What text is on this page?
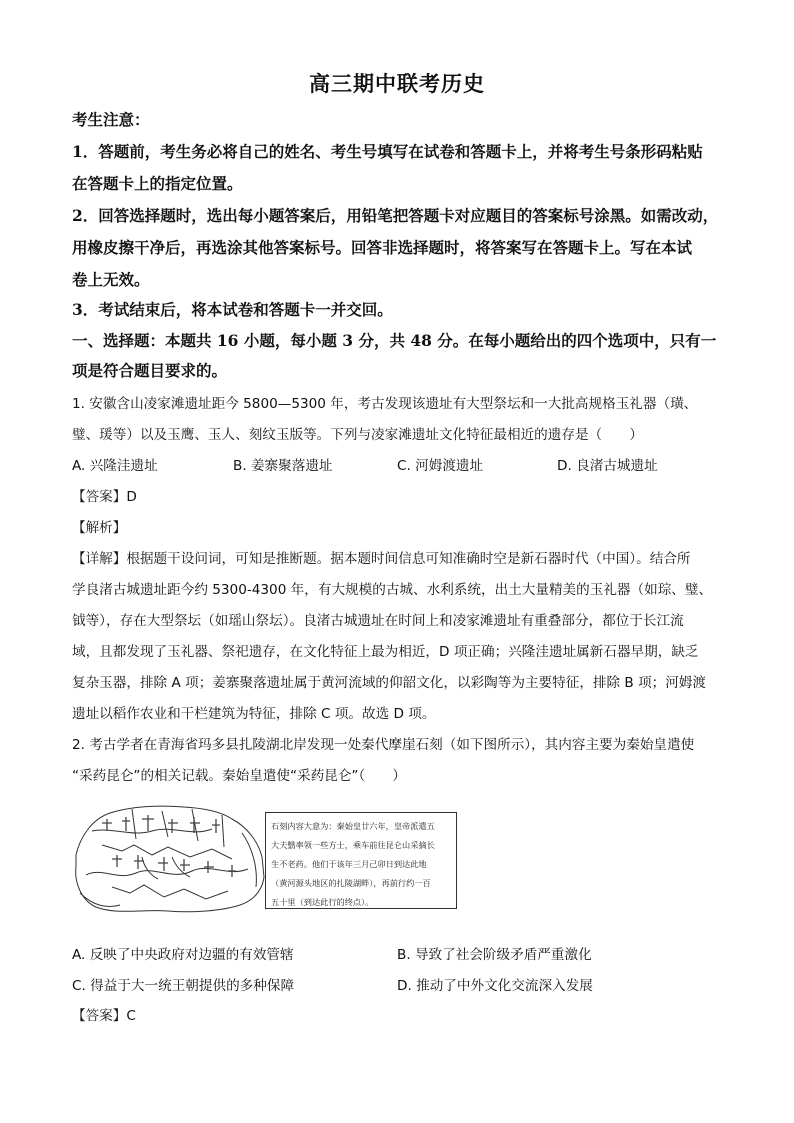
高三期中联考历史
考生注意：
1．答题前，考生务必将自己的姓名、考生号填写在试卷和答题卡上，并将考生号条形码粘贴
在答题卡上的指定位置。
2．回答选择题时，选出每小题答案后，用铅笔把答题卡对应题目的答案标号涂黑。如需改动，
用橡皮擦干净后，再选涂其他答案标号。回答非选择题时，将答案写在答题卡上。写在本试
卷上无效。
3．考试结束后，将本试卷和答题卡一并交回。
一、选择题：本题共 16 小题，每小题 3 分，共 48 分。在每小题给出的四个选项中，只有一
项是符合题目要求的。
1. 安徽含山凌家滩遗址距今 5800—5300 年，考古发现该遗址有大型祭坛和一大批高规格玉礼器（璜、
璧、瑗等）以及玉鹰、玉人、刻纹玉版等。下列与凌家滩遗址文化特征最相近的遗存是（　　）
A. 兴隆洼遗址	B. 姜寨聚落遗址	C. 河姆渡遗址	D. 良渚古城遗址
【答案】D
【解析】
【详解】根据题干设问词，可知是推断题。据本题时间信息可知准确时空是新石器时代（中国）。结合所
学良渚古城遗址距今约 5300-4300 年，有大规模的古城、水利系统，出土大量精美的玉礼器（如琮、璧、
钺等），存在大型祭坛（如瑶山祭坛）。良渚古城遗址在时间上和凌家滩遗址有重叠部分，都位于长江流
域，且都发现了玉礼器、祭祀遗存，在文化特征上最为相近，D 项正确；兴隆洼遗址属新石器早期，缺乏
复杂玉器，排除 A 项；姜寨聚落遗址属于黄河流域的仰韶文化，以彩陶等为主要特征，排除 B 项；河姆渡
遗址以稻作农业和干栏建筑为特征，排除 C 项。故选 D 项。
2. 考古学者在青海省玛多县扎陵湖北岸发现一处秦代摩崖石刻（如下图所示），其内容主要为秦始皇遣使
“采药昆仑”的相关记载。秦始皇遣使“采药昆仑”（　　）
石刻内容大意为：秦始皇廿六年，皇帝派遣五
大夫翳率领一些方士，乘车前往昆仑山采摘长
生不老药。他们于该年三月己卯日到达此地
（黄河源头地区的扎陵湖畔），再前行约一百
五十里（到达此行的终点）。
A. 反映了中央政府对边疆的有效管辖	B. 导致了社会阶级矛盾严重激化
C. 得益于大一统王朝提供的多种保障	D. 推动了中外文化交流深入发展
【答案】C
